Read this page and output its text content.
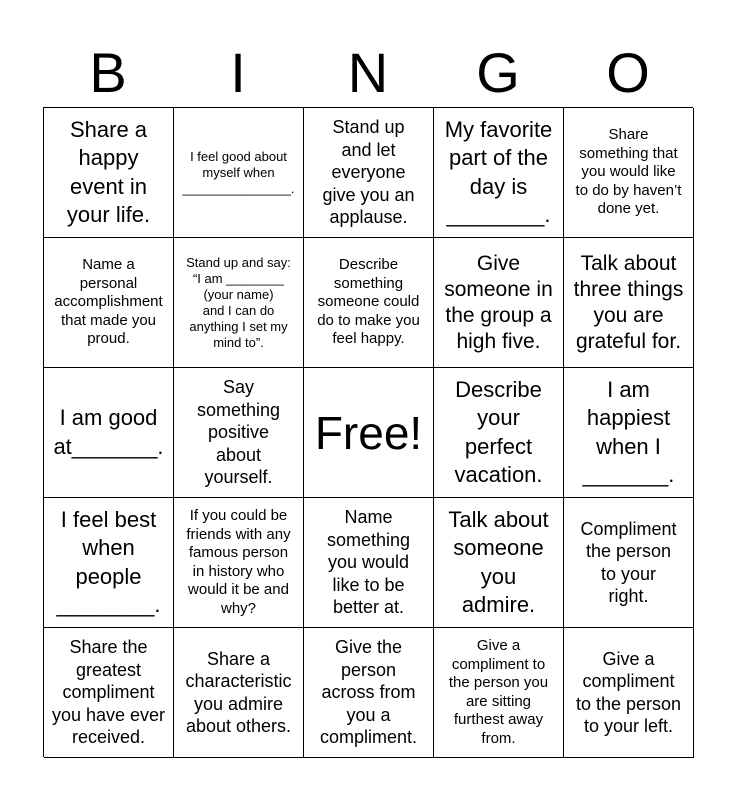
B	I	N	G	O
Share a
happy
event in
your life.
I feel good about
myself when
_______________.
Stand up
and let
everyone
give you an
applause.
My favorite
part of the
day is
________.
Share
something that
you would like
to do by haven’t
done yet.
Name a
personal
accomplishment
that made you
proud.
Stand up and say:
“I am ________
(your name)
and I can do
anything I set my
mind to”.
Describe
something
someone could
do to make you
feel happy.
Give
someone in
the group a
high five.
Talk about
three things
you are
grateful for.
I am good
at_______.
Say
something
positive
about
yourself.
Free!
Describe
your
perfect
vacation.
I am
happiest
when I
_______.
I feel best
when
people
________.
If you could be
friends with any
famous person
in history who
would it be and
why?
Name
something
you would
like to be
better at.
Talk about
someone
you
admire.
Compliment
the person
to your
right.
Share the
greatest
compliment
you have ever
received.
Share a
characteristic
you admire
about others.
Give the
person
across from
you a
compliment.
Give a
compliment to
the person you
are sitting
furthest away
from.
Give a
compliment
to the person
to your left.
